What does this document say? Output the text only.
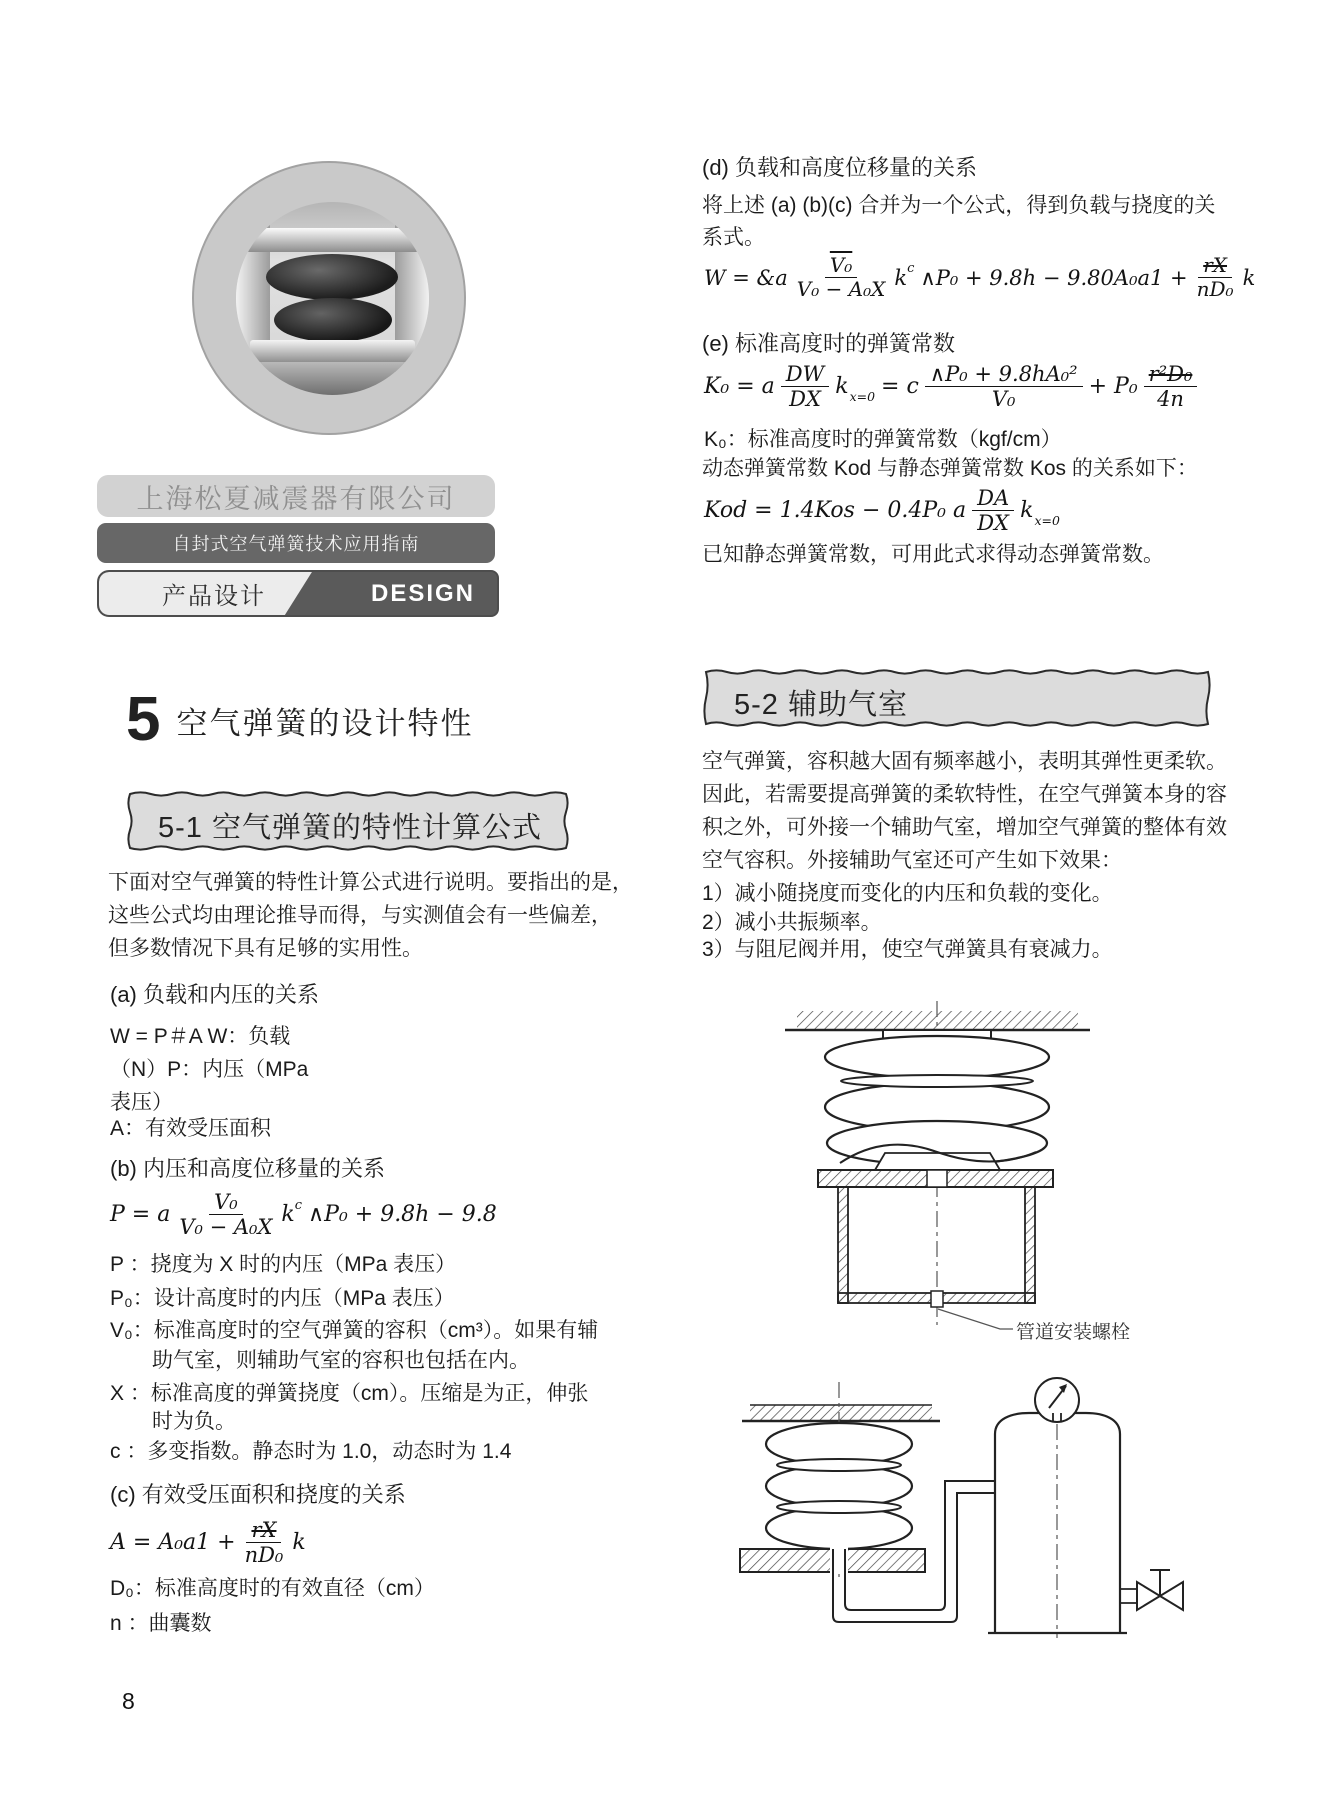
上海松夏减震器有限公司
自封式空气弹簧技术应用指南
产品设计	DESIGN
5 空气弹簧的设计特性
5-1 空气弹簧的特性计算公式
下面对空气弹簧的特性计算公式进行说明。要指出的是，
这些公式均由理论推导而得，与实测值会有一些偏差，
但多数情况下具有足够的实用性。
(a) 负载和内压的关系
W = P＃A W：负载
（N）P：内压（MPa
表压）
A：有效受压面积
(b) 内压和高度位移量的关系
P = a $\frac{\text{V₀}}{\text{V₀ − A₀X}}$ k c ∧P₀ + 9.8h − 9.8
P ：挠度为 X 时的内压（MPa 表压）
P₀：设计高度时的内压（MPa 表压）
V₀：标准高度时的空气弹簧的容积（cm³）。如果有辅
助气室，则辅助气室的容积也包括在内。
X ：标准高度的弹簧挠度（cm）。压缩是为正，伸张
时为负。
c ：多变指数。静态时为 1.0，动态时为 1.4
(c) 有效受压面积和挠度的关系
$A = A_0a1 + \frac{rX}{\text{nD₀}}$ k
D₀：标准高度时的有效直径（cm）
n ：曲囊数
8
(d) 负载和高度位移量的关系
将上述 (a) (b)(c) 合并为一个公式，得到负载与挠度的关
系式。
W = &a $\frac{\text{V₀}}{\text{V₀ − A₀X}}$ k c ∧P₀ + $9.8h - 9.80A_0a1 + \frac{rX}{\text{nD₀}}$ k
(e) 标准高度时的弹簧常数
K₀ = a $\frac{DW}{DX}$ k x=0 = c $\frac{\text{∧P₀ + 9.8hA₀²}}{\text{V₀}} + P_0 \frac{\text{r²D₀}}{4n}$
K₀：标准高度时的弹簧常数（kgf/cm）
动态弹簧常数 Kod 与静态弹簧常数 Kos 的关系如下：
Kod = 1.4Kos − 0.4P₀ a $\frac{DA}{DX}$ k x=0
已知静态弹簧常数，可用此式求得动态弹簧常数。
5-2 辅助气室
空气弹簧，容积越大固有频率越小，表明其弹性更柔软。
因此，若需要提高弹簧的柔软特性，在空气弹簧本身的容
积之外，可外接一个辅助气室，增加空气弹簧的整体有效
空气容积。外接辅助气室还可产生如下效果：
1）减小随挠度而变化的内压和负载的变化。
2）减小共振频率。
3）与阻尼阀并用，使空气弹簧具有衰减力。
管道安装螺栓
